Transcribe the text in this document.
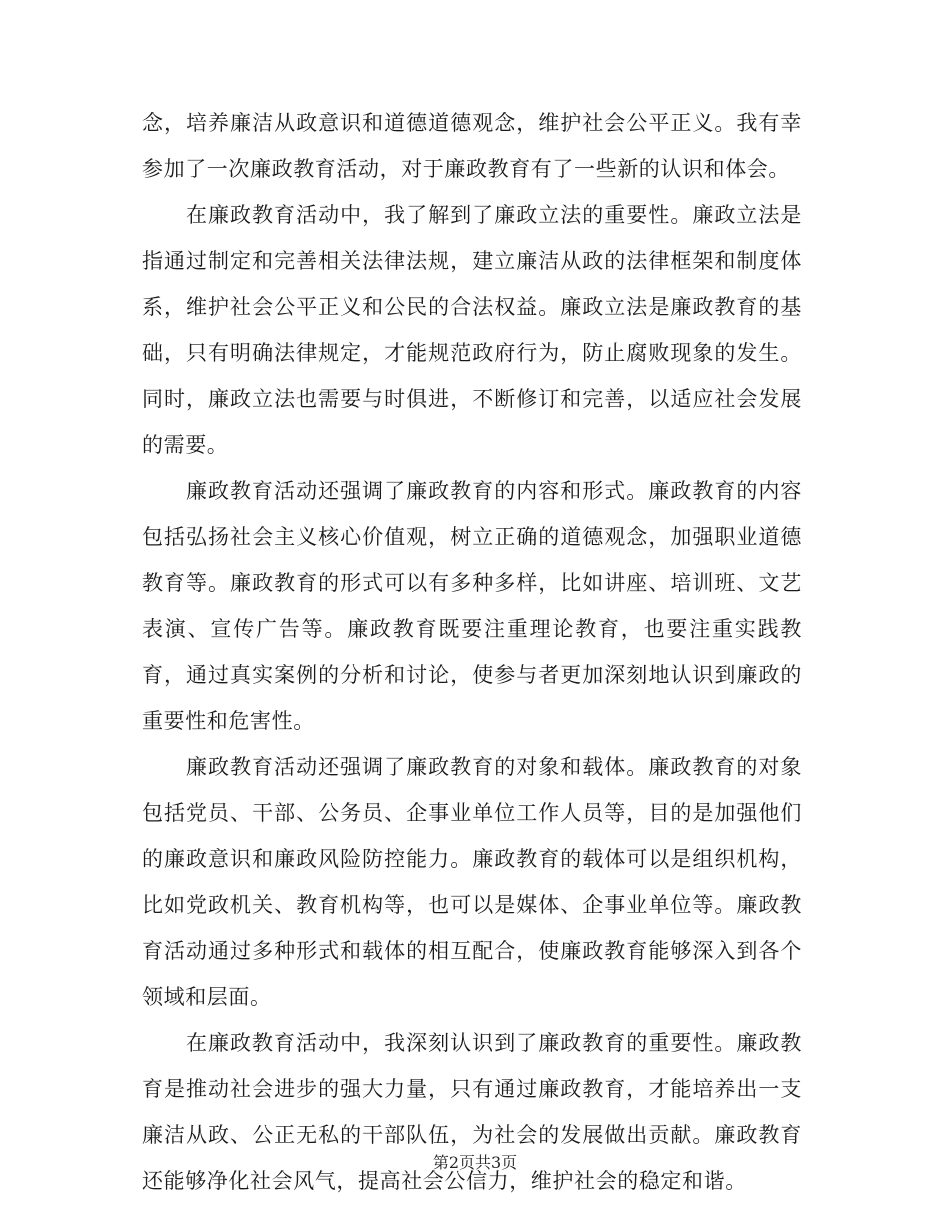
念，培养廉洁从政意识和道德道德观念，维护社会公平正义。我有幸参加了一次廉政教育活动，对于廉政教育有了一些新的认识和体会。

在廉政教育活动中，我了解到了廉政立法的重要性。廉政立法是指通过制定和完善相关法律法规，建立廉洁从政的法律框架和制度体系，维护社会公平正义和公民的合法权益。廉政立法是廉政教育的基础，只有明确法律规定，才能规范政府行为，防止腐败现象的发生。同时，廉政立法也需要与时俱进，不断修订和完善，以适应社会发展的需要。

廉政教育活动还强调了廉政教育的内容和形式。廉政教育的内容包括弘扬社会主义核心价值观，树立正确的道德观念，加强职业道德教育等。廉政教育的形式可以有多种多样，比如讲座、培训班、文艺表演、宣传广告等。廉政教育既要注重理论教育，也要注重实践教育，通过真实案例的分析和讨论，使参与者更加深刻地认识到廉政的重要性和危害性。

廉政教育活动还强调了廉政教育的对象和载体。廉政教育的对象包括党员、干部、公务员、企事业单位工作人员等，目的是加强他们的廉政意识和廉政风险防控能力。廉政教育的载体可以是组织机构，比如党政机关、教育机构等，也可以是媒体、企事业单位等。廉政教育活动通过多种形式和载体的相互配合，使廉政教育能够深入到各个领域和层面。

在廉政教育活动中，我深刻认识到了廉政教育的重要性。廉政教育是推动社会进步的强大力量，只有通过廉政教育，才能培养出一支廉洁从政、公正无私的干部队伍，为社会的发展做出贡献。廉政教育还能够净化社会风气，提高社会公信力，维护社会的稳定和谐。

第2页共3页
